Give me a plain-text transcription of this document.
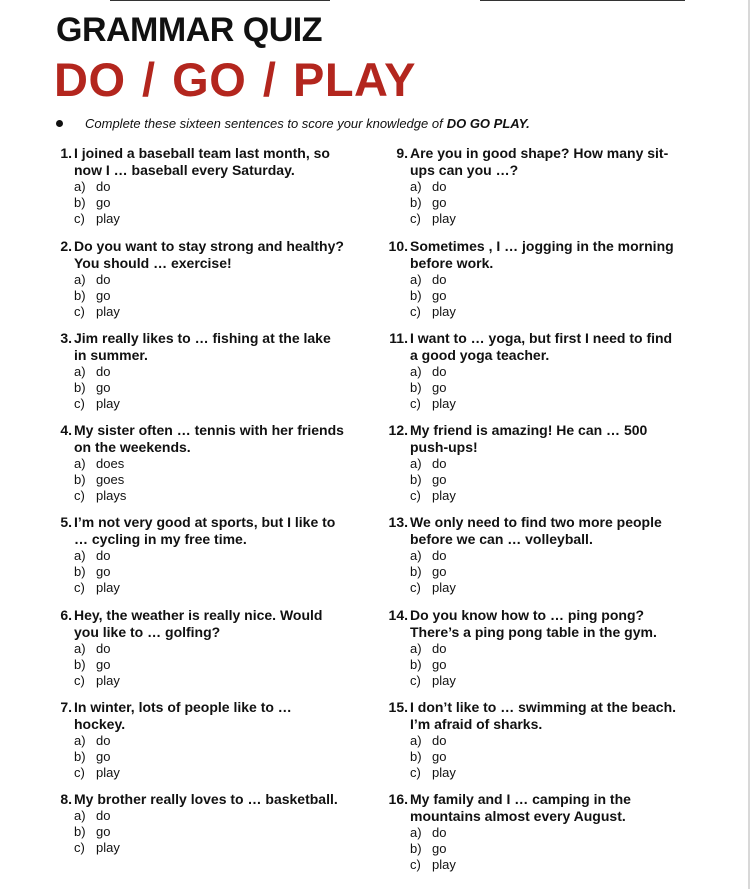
GRAMMAR QUIZ
DO / GO / PLAY
Complete these sixteen sentences to score your knowledge of DO GO PLAY.
1. I joined a baseball team last month, so now I … baseball every Saturday.
a) do
b) go
c) play
2. Do you want to stay strong and healthy? You should … exercise!
a) do
b) go
c) play
3. Jim really likes to … fishing at the lake in summer.
a) do
b) go
c) play
4. My sister often … tennis with her friends on the weekends.
a) does
b) goes
c) plays
5. I’m not very good at sports, but I like to … cycling in my free time.
a) do
b) go
c) play
6. Hey, the weather is really nice. Would you like to … golfing?
a) do
b) go
c) play
7. In winter, lots of people like to … hockey.
a) do
b) go
c) play
8. My brother really loves to … basketball.
a) do
b) go
c) play
9. Are you in good shape? How many sit-ups can you …?
a) do
b) go
c) play
10. Sometimes , I … jogging in the morning before work.
a) do
b) go
c) play
11. I want to … yoga, but first I need to find a good yoga teacher.
a) do
b) go
c) play
12. My friend is amazing! He can … 500 push-ups!
a) do
b) go
c) play
13. We only need to find two more people before we can … volleyball.
a) do
b) go
c) play
14. Do you know how to … ping pong? There’s a ping pong table in the gym.
a) do
b) go
c) play
15. I don’t like to … swimming at the beach. I’m afraid of sharks.
a) do
b) go
c) play
16. My family and I … camping in the mountains almost every August.
a) do
b) go
c) play
